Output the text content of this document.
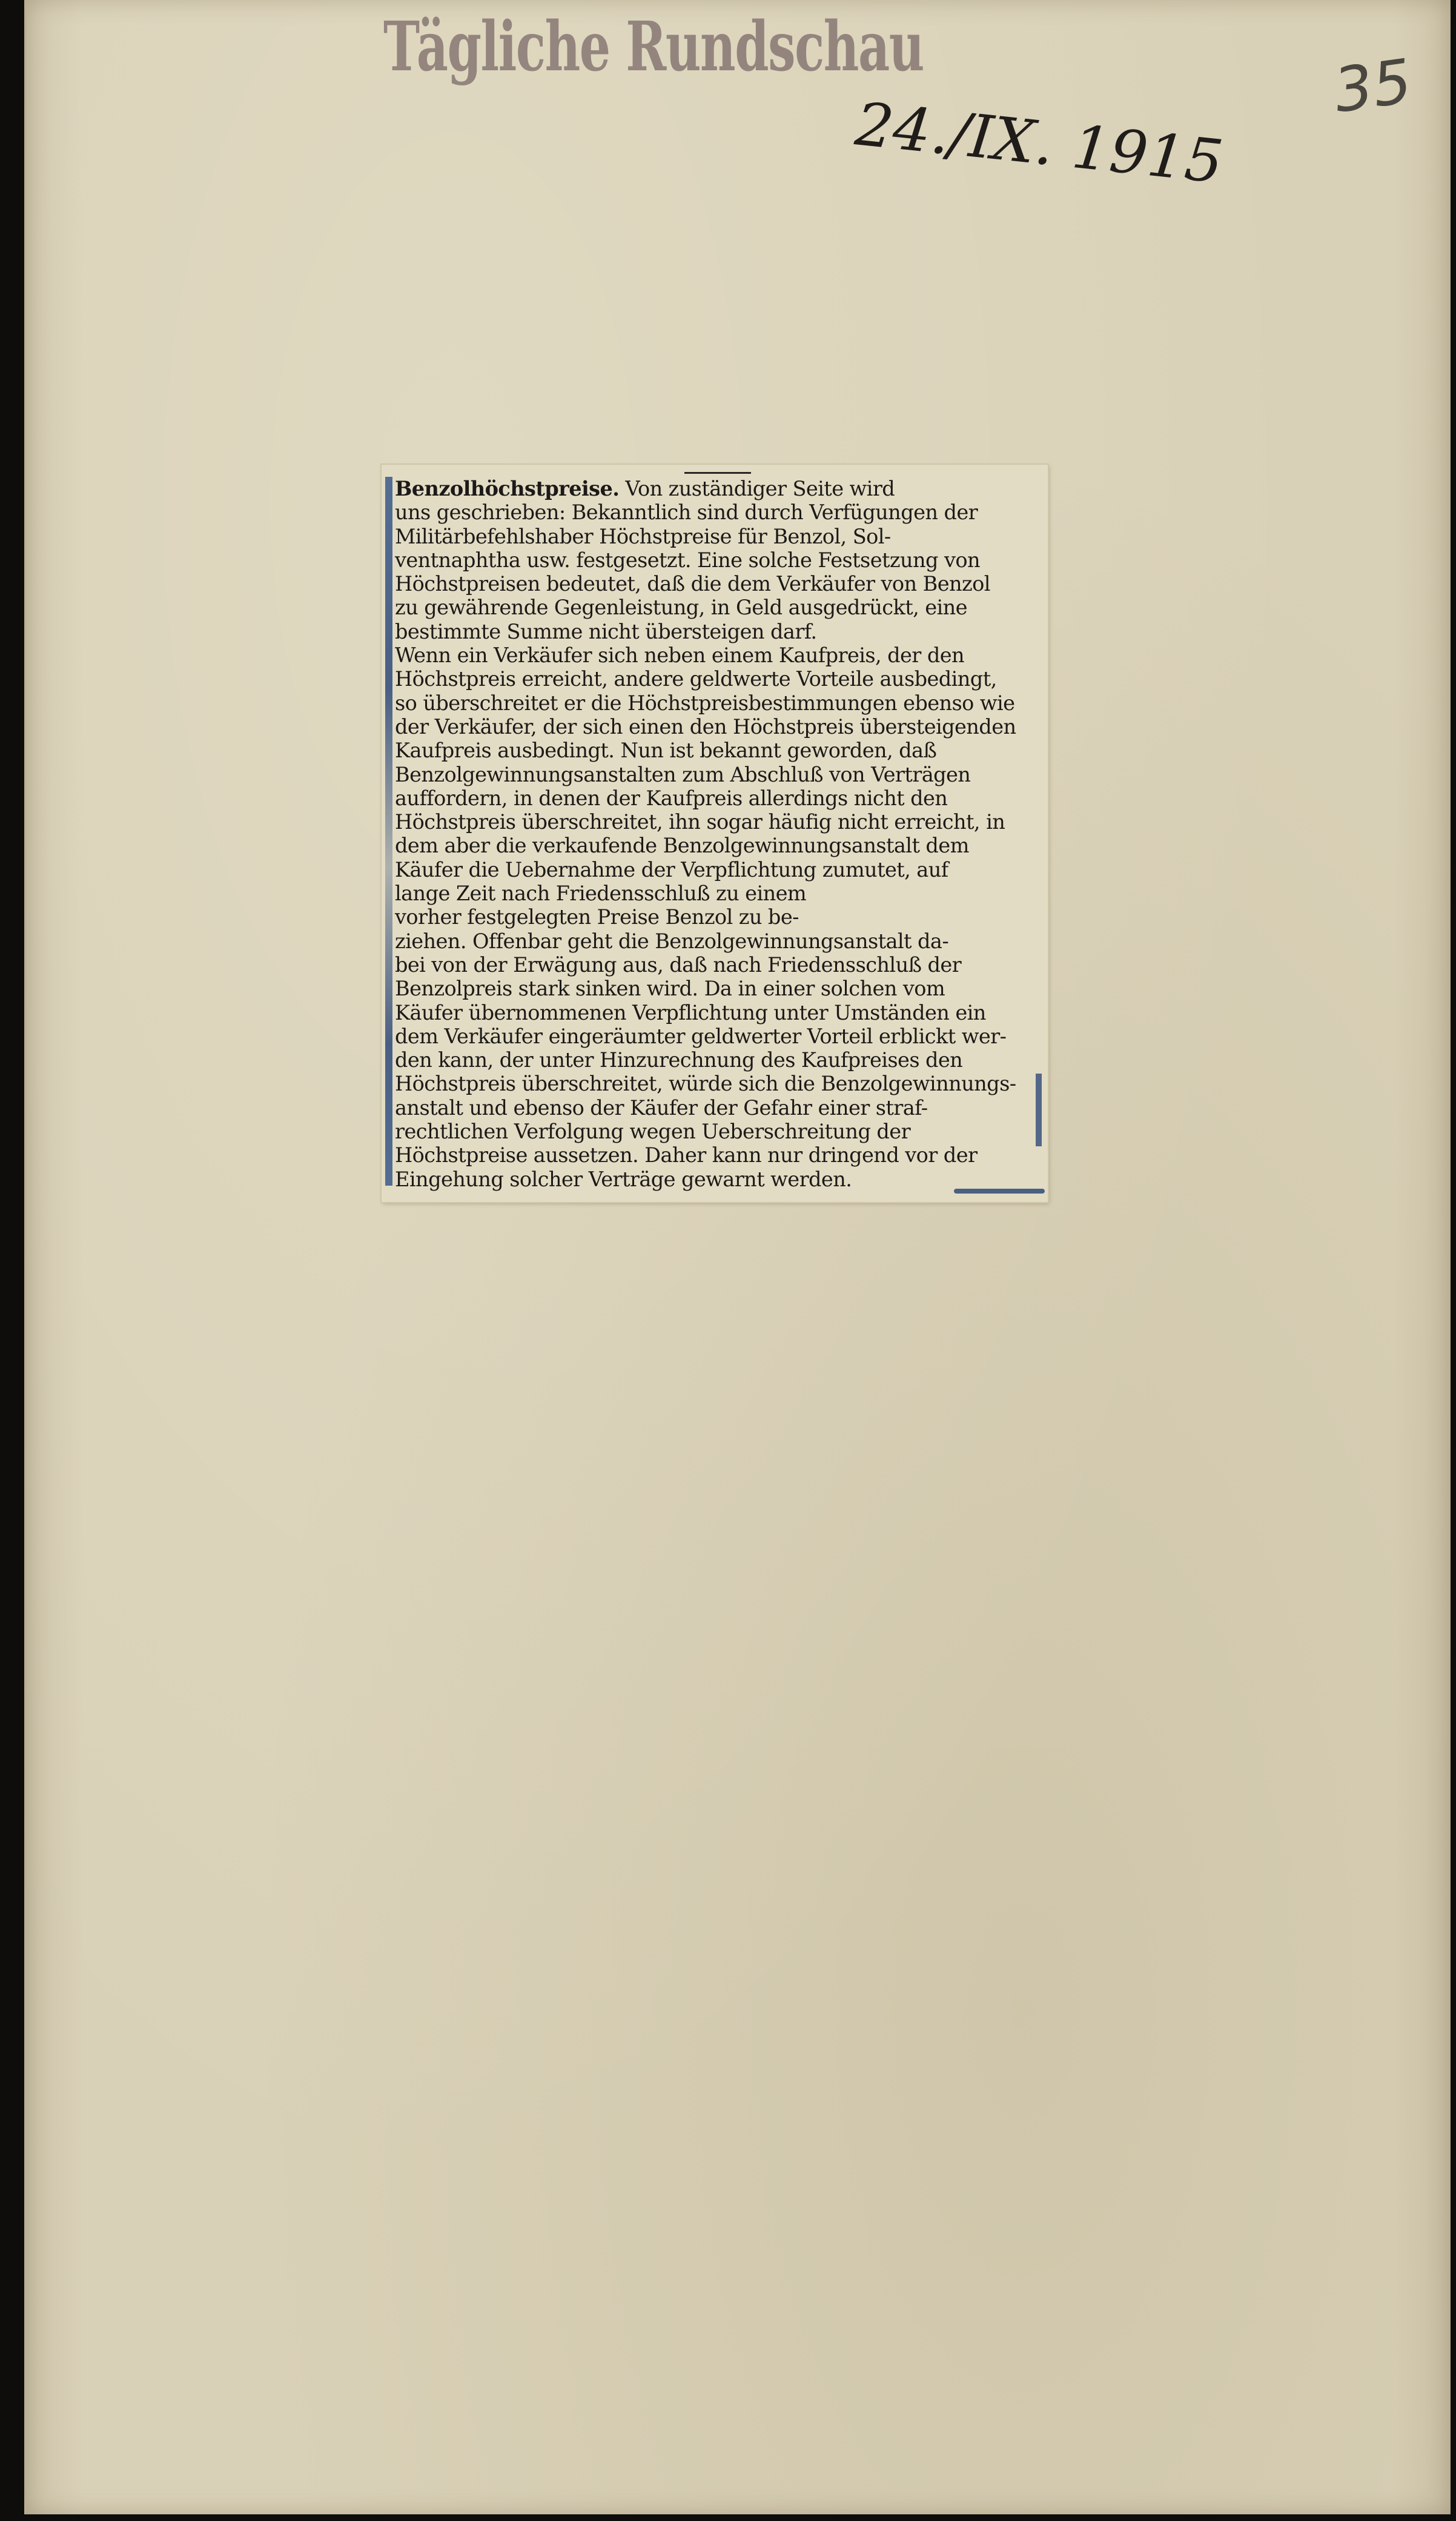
Tägliche Rundschau
24./IX. 1915
35

Benzolhöchstpreise. Von zuständiger Seite wird
uns geschrieben: Bekanntlich sind durch Verfügungen der
Militärbefehlshaber Höchstpreise für Benzol, Sol-
ventnaphtha usw. festgesetzt. Eine solche Festsetzung von
Höchstpreisen bedeutet, daß die dem Verkäufer von Benzol
zu gewährende Gegenleistung, in Geld ausgedrückt, eine
bestimmte Summe nicht übersteigen darf.
Wenn ein Verkäufer sich neben einem Kaufpreis, der den
Höchstpreis erreicht, andere geldwerte Vorteile ausbedingt,
so überschreitet er die Höchstpreisbestimmungen ebenso wie
der Verkäufer, der sich einen den Höchstpreis übersteigenden
Kaufpreis ausbedingt. Nun ist bekannt geworden, daß
Benzolgewinnungsanstalten zum Abschluß von Verträgen
auffordern, in denen der Kaufpreis allerdings nicht den
Höchstpreis überschreitet, ihn sogar häufig nicht erreicht, in
dem aber die verkaufende Benzolgewinnungsanstalt dem
Käufer die Uebernahme der Verpflichtung zumutet, auf
lange Zeit nach Friedensschluß zu einem
vorher festgelegten Preise Benzol zu be-
ziehen. Offenbar geht die Benzolgewinnungsanstalt da-
bei von der Erwägung aus, daß nach Friedensschluß der
Benzolpreis stark sinken wird. Da in einer solchen vom
Käufer übernommenen Verpflichtung unter Umständen ein
dem Verkäufer eingeräumter geldwerter Vorteil erblickt wer-
den kann, der unter Hinzurechnung des Kaufpreises den
Höchstpreis überschreitet, würde sich die Benzolgewinnungs-
anstalt und ebenso der Käufer der Gefahr einer straf-
rechtlichen Verfolgung wegen Ueberschreitung der
Höchstpreise aussetzen. Daher kann nur dringend vor der
Eingehung solcher Verträge gewarnt werden.
